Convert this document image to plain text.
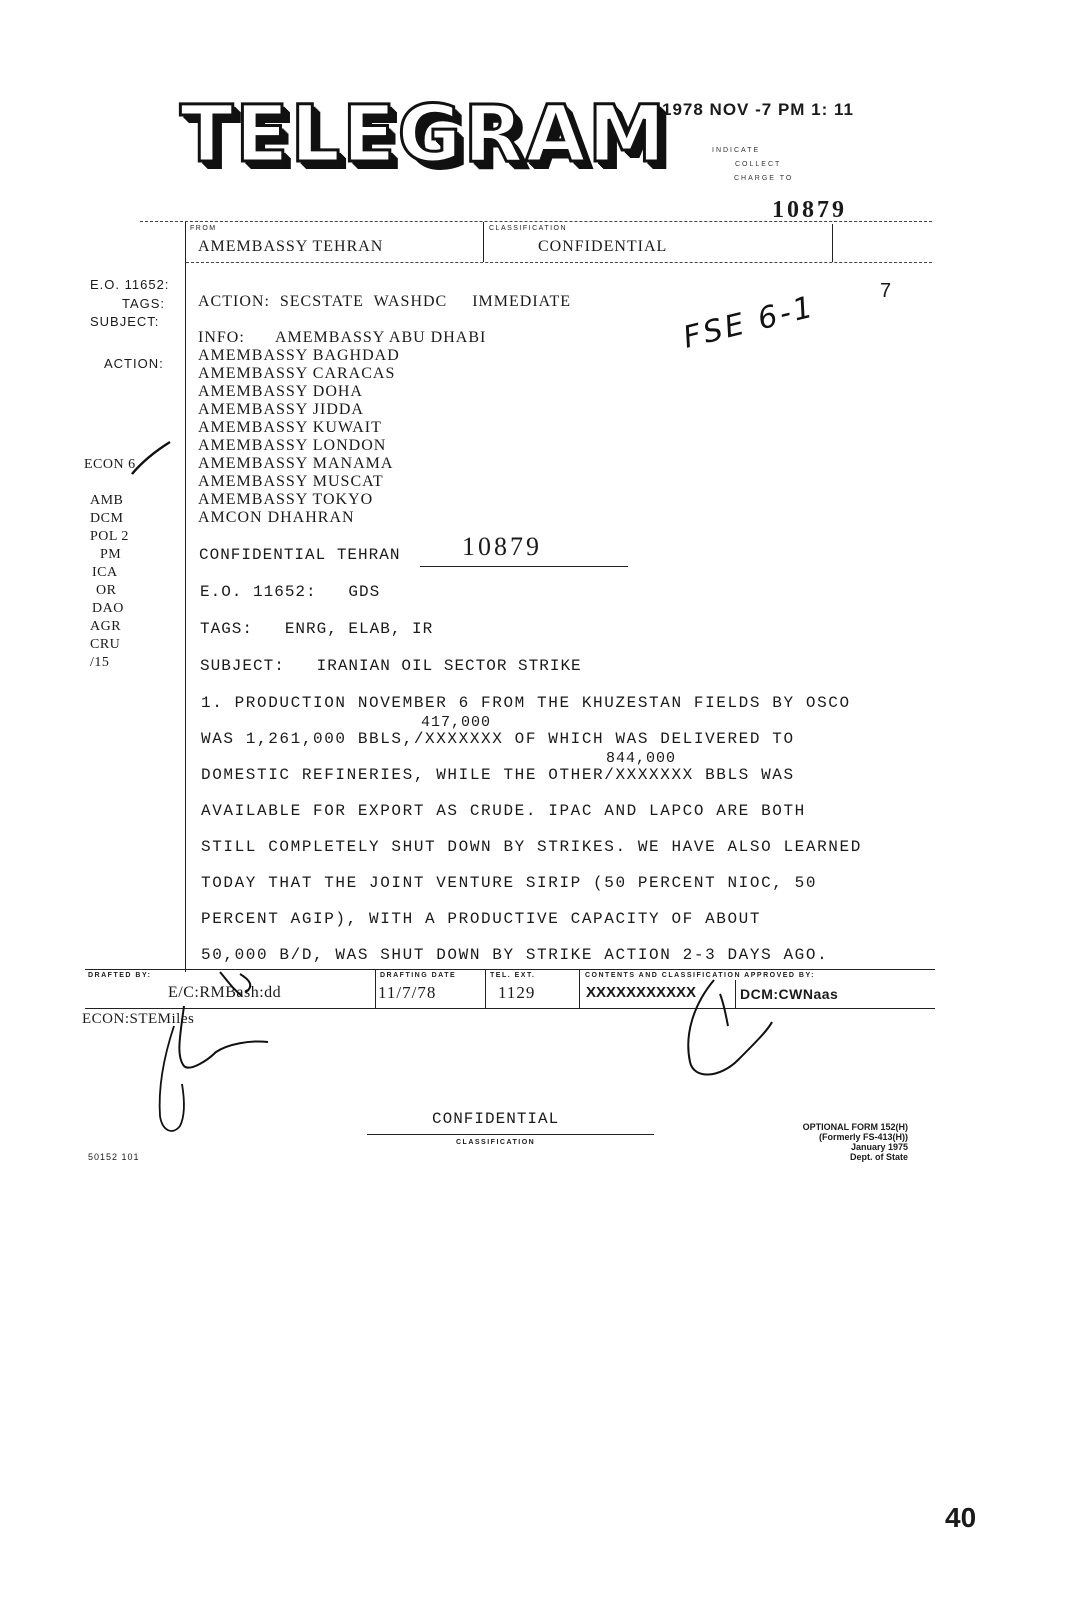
TELEGRAM
1978 NOV -7 PM 1: 11
INDICATE
COLLECT
CHARGE TO
10879
FROM	CLASSIFICATION
AMEMBASSY TEHRAN	CONFIDENTIAL
7
E.O. 11652:
TAGS:
SUBJECT:
ACTION:
ACTION:  SECSTATE  WASHDC     IMMEDIATE
INFO: AMEMBASSY ABU DHABI
AMEMBASSY BAGHDAD
AMEMBASSY CARACAS
AMEMBASSY DOHA
AMEMBASSY JIDDA
AMEMBASSY KUWAIT
AMEMBASSY LONDON
AMEMBASSY MANAMA
AMEMBASSY MUSCAT
AMEMBASSY TOKYO
AMCON DHAHRAN
FSE 6-1
ECON 6
AMB
DCM
POL 2
PM
ICA
OR
DAO
AGR
CRU
/15
CONFIDENTIAL TEHRAN 10879
E.O. 11652:   GDS
TAGS:   ENRG, ELAB, IR
SUBJECT:   IRANIAN OIL SECTOR STRIKE
1. PRODUCTION NOVEMBER 6 FROM THE KHUZESTAN FIELDS BY OSCO
417,000
WAS 1,261,000 BBLS,/XXXXXXX OF WHICH WAS DELIVERED TO
844,000
DOMESTIC REFINERIES, WHILE THE OTHER/XXXXXXX BBLS WAS
AVAILABLE FOR EXPORT AS CRUDE. IPAC AND LAPCO ARE BOTH
STILL COMPLETELY SHUT DOWN BY STRIKES. WE HAVE ALSO LEARNED
TODAY THAT THE JOINT VENTURE SIRIP (50 PERCENT NIOC, 50
PERCENT AGIP), WITH A PRODUCTIVE CAPACITY OF ABOUT
50,000 B/D, WAS SHUT DOWN BY STRIKE ACTION 2-3 DAYS AGO.
DRAFTED BY:	DRAFTING DATE	TEL. EXT.	CONTENTS AND CLASSIFICATION APPROVED BY:
E/C:RMBash:dd	11/7/78	1129	XXXXXXXXXXX	DCM:CWNaas
ECON:STEMiles
CONFIDENTIAL
CLASSIFICATION
50152 101
OPTIONAL FORM 152(H)
(Formerly FS-413(H))
January 1975
Dept. of State
40
